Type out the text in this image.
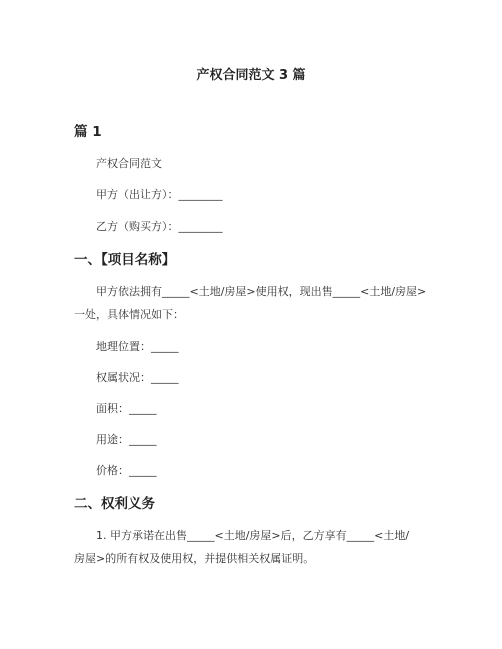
产权合同范文 3 篇
篇 1
产权合同范文
甲方（出让方）：________
乙方（购买方）：________
一、【项目名称】
甲方依法拥有_____<土地/房屋>使用权，现出售_____<土地/房屋>
一处，具体情况如下：
地理位置：_____
权属状况：_____
面积：_____
用途：_____
价格：_____
二、权利义务
1. 甲方承诺在出售_____<土地/房屋>后，乙方享有_____<土地/
房屋>的所有权及使用权，并提供相关权属证明。
